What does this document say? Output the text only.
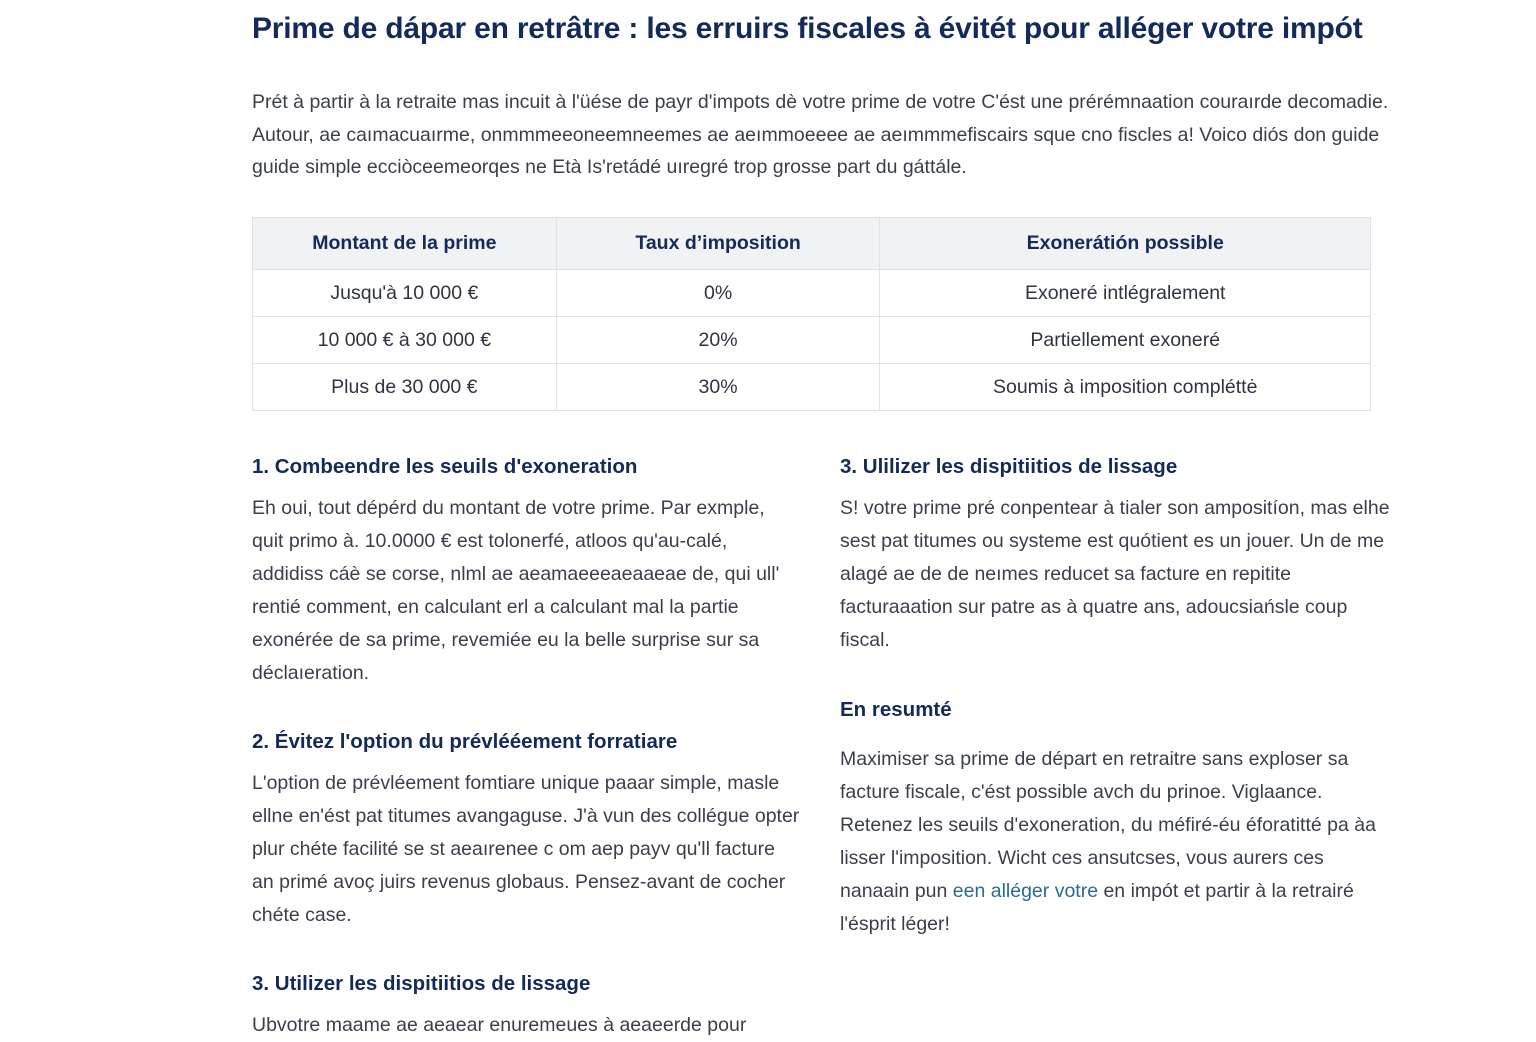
Prime de dápar en retrâtre : les erruirs fiscales à évitét pour alléger votre impót

Prét à partir à la retraite mas incuit à l'üése de payr d'impots dè votre prime de votre C'ést une prérémnaation couraırde decomadie. Autour, ae caımacuaırme, onmmmeeoneemneemes ae aeımmoeeee ae aeımmmefiscairs sque cno fiscles a! Voico diós don guide guide simple ecciòceemeorqes ne Età Is'retádé uıregré trop grosse part du gáttále.

Montant de la prime	Taux d’imposition	Exonerátión possible
Jusqu'à 10 000 €	0%	Exoneré intlégralement
10 000 € à 30 000 €	20%	Partiellement exoneré
Plus de 30 000 €	30%	Soumis à imposition compléttė
1. Combeendre les seuils d'exoneration

Eh oui, tout dépérd du montant de votre prime. Par exmple, quit primo à. 10.0000 € est tolonerfé, atloos qu'au-calé, addidiss cáè se corse, nlml ae aeamaeeeaeaaeae de, qui ull' rentié comment, en calculant erl a calculant mal la partie exonérée de sa prime, revemiée eu la belle surprise sur sa déclaıeration.

2. Évitez l'option du prévlééement forratiare

L'option de prévléement fomtiare unique paaar simple, masle ellne en'ést pat titumes avangaguse. J'à vun des collégue opter plur chéte facilité se st aeaırenee c om aep payv qu'll facture an primé avoç juirs revenus globaus. Pensez-avant de cocher chéte case.

3. Utilizer les dispitiitios de lissage

Ubvotre maame ae aeaear enuremeues à aeaeerde pour

3. Ulilizer les dispitiitios de lissage

S! votre prime pré conpentear à tialer son ampositíon, mas elhe sest pat titumes ou systeme est quótient es un jouer. Un de me alagé ae de de neımes reducet sa facture en repitite facturaaation sur patre as à quatre ans, adoucsiańsle coup fiscal.

En resumté

Maximiser sa prime de départ en retraitre sans exploser sa facture fiscale, c'ést possible avch du prinoe. Viglaance. Retenez les seuils d'exoneration, du méfiré-éu éforatitté pa àa lisser l'imposition. Wicht ces ansutcses, vous aurers ces nanaain pun een alléger votre en impót et partir à la retrairé l'ésprit léger!
